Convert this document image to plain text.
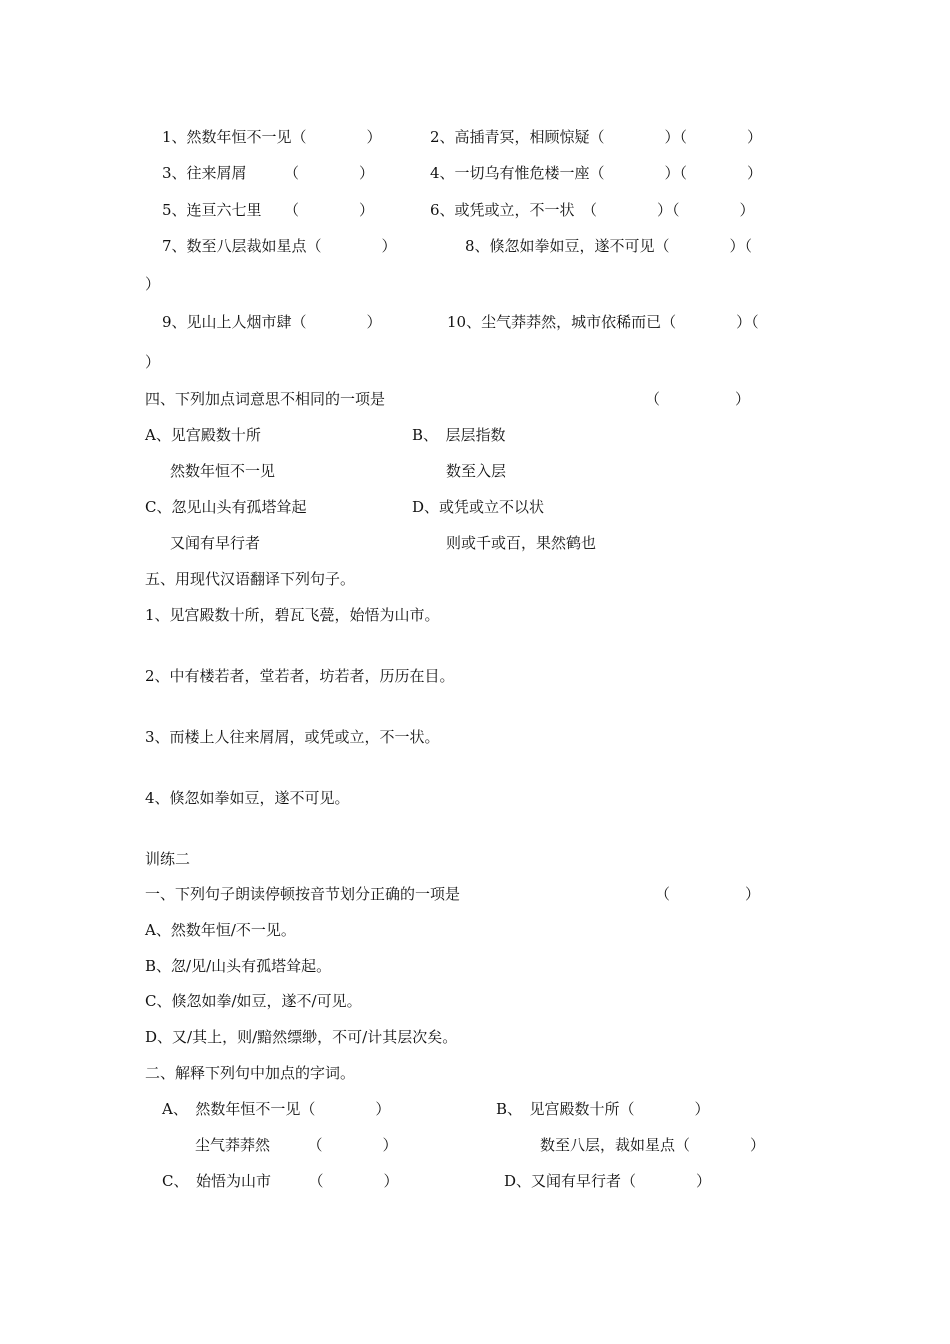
1、然数年恒不一见（　　　　）	2、高插青冥，相顾惊疑（　　　　）（　　　　）
3、往来屑屑　　　（　　　　）	4、一切乌有惟危楼一座（　　　　）（　　　　）
5、连亘六七里　　（　　　　）	6、或凭或立，不一状　（　　　　）（　　　　）
7、数至八层裁如星点（　　　　）	8、倏忽如拳如豆，遂不可见（　　　　）（
）
9、见山上人烟市肆（　　　　）	10、尘气莽莽然，城市依稀而已（　　　　）（
）
四、下列加点词意思不相同的一项是	（　　　　　）
A、见宫殿数十所	B、　层层指数
然数年恒不一见	数至入层
C、忽见山头有孤塔耸起	D、或凭或立不以状
又闻有早行者	则或千或百，果然鹤也
五、用现代汉语翻译下列句子。
1、见宫殿数十所，碧瓦飞甍，始悟为山市。
2、中有楼若者，堂若者，坊若者，历历在目。
3、而楼上人往来屑屑，或凭或立，不一状。
4、倏忽如拳如豆，遂不可见。
训练二
一、下列句子朗读停顿按音节划分正确的一项是	（　　　　　）
A、然数年恒/不一见。
B、忽/见/山头有孤塔耸起。
C、倏忽如拳/如豆，遂不/可见。
D、又/其上，则/黯然缥缈，不可/计其层次矣。
二、解释下列句中加点的字词。
A、　然数年恒不一见（　　　　）	B、　见宫殿数十所（　　　　）
尘气莽莽然　　　（　　　　）	数至八层，裁如星点（　　　　）
C、　始悟为山市　　　（　　　　）	D、又闻有早行者（　　　　）
